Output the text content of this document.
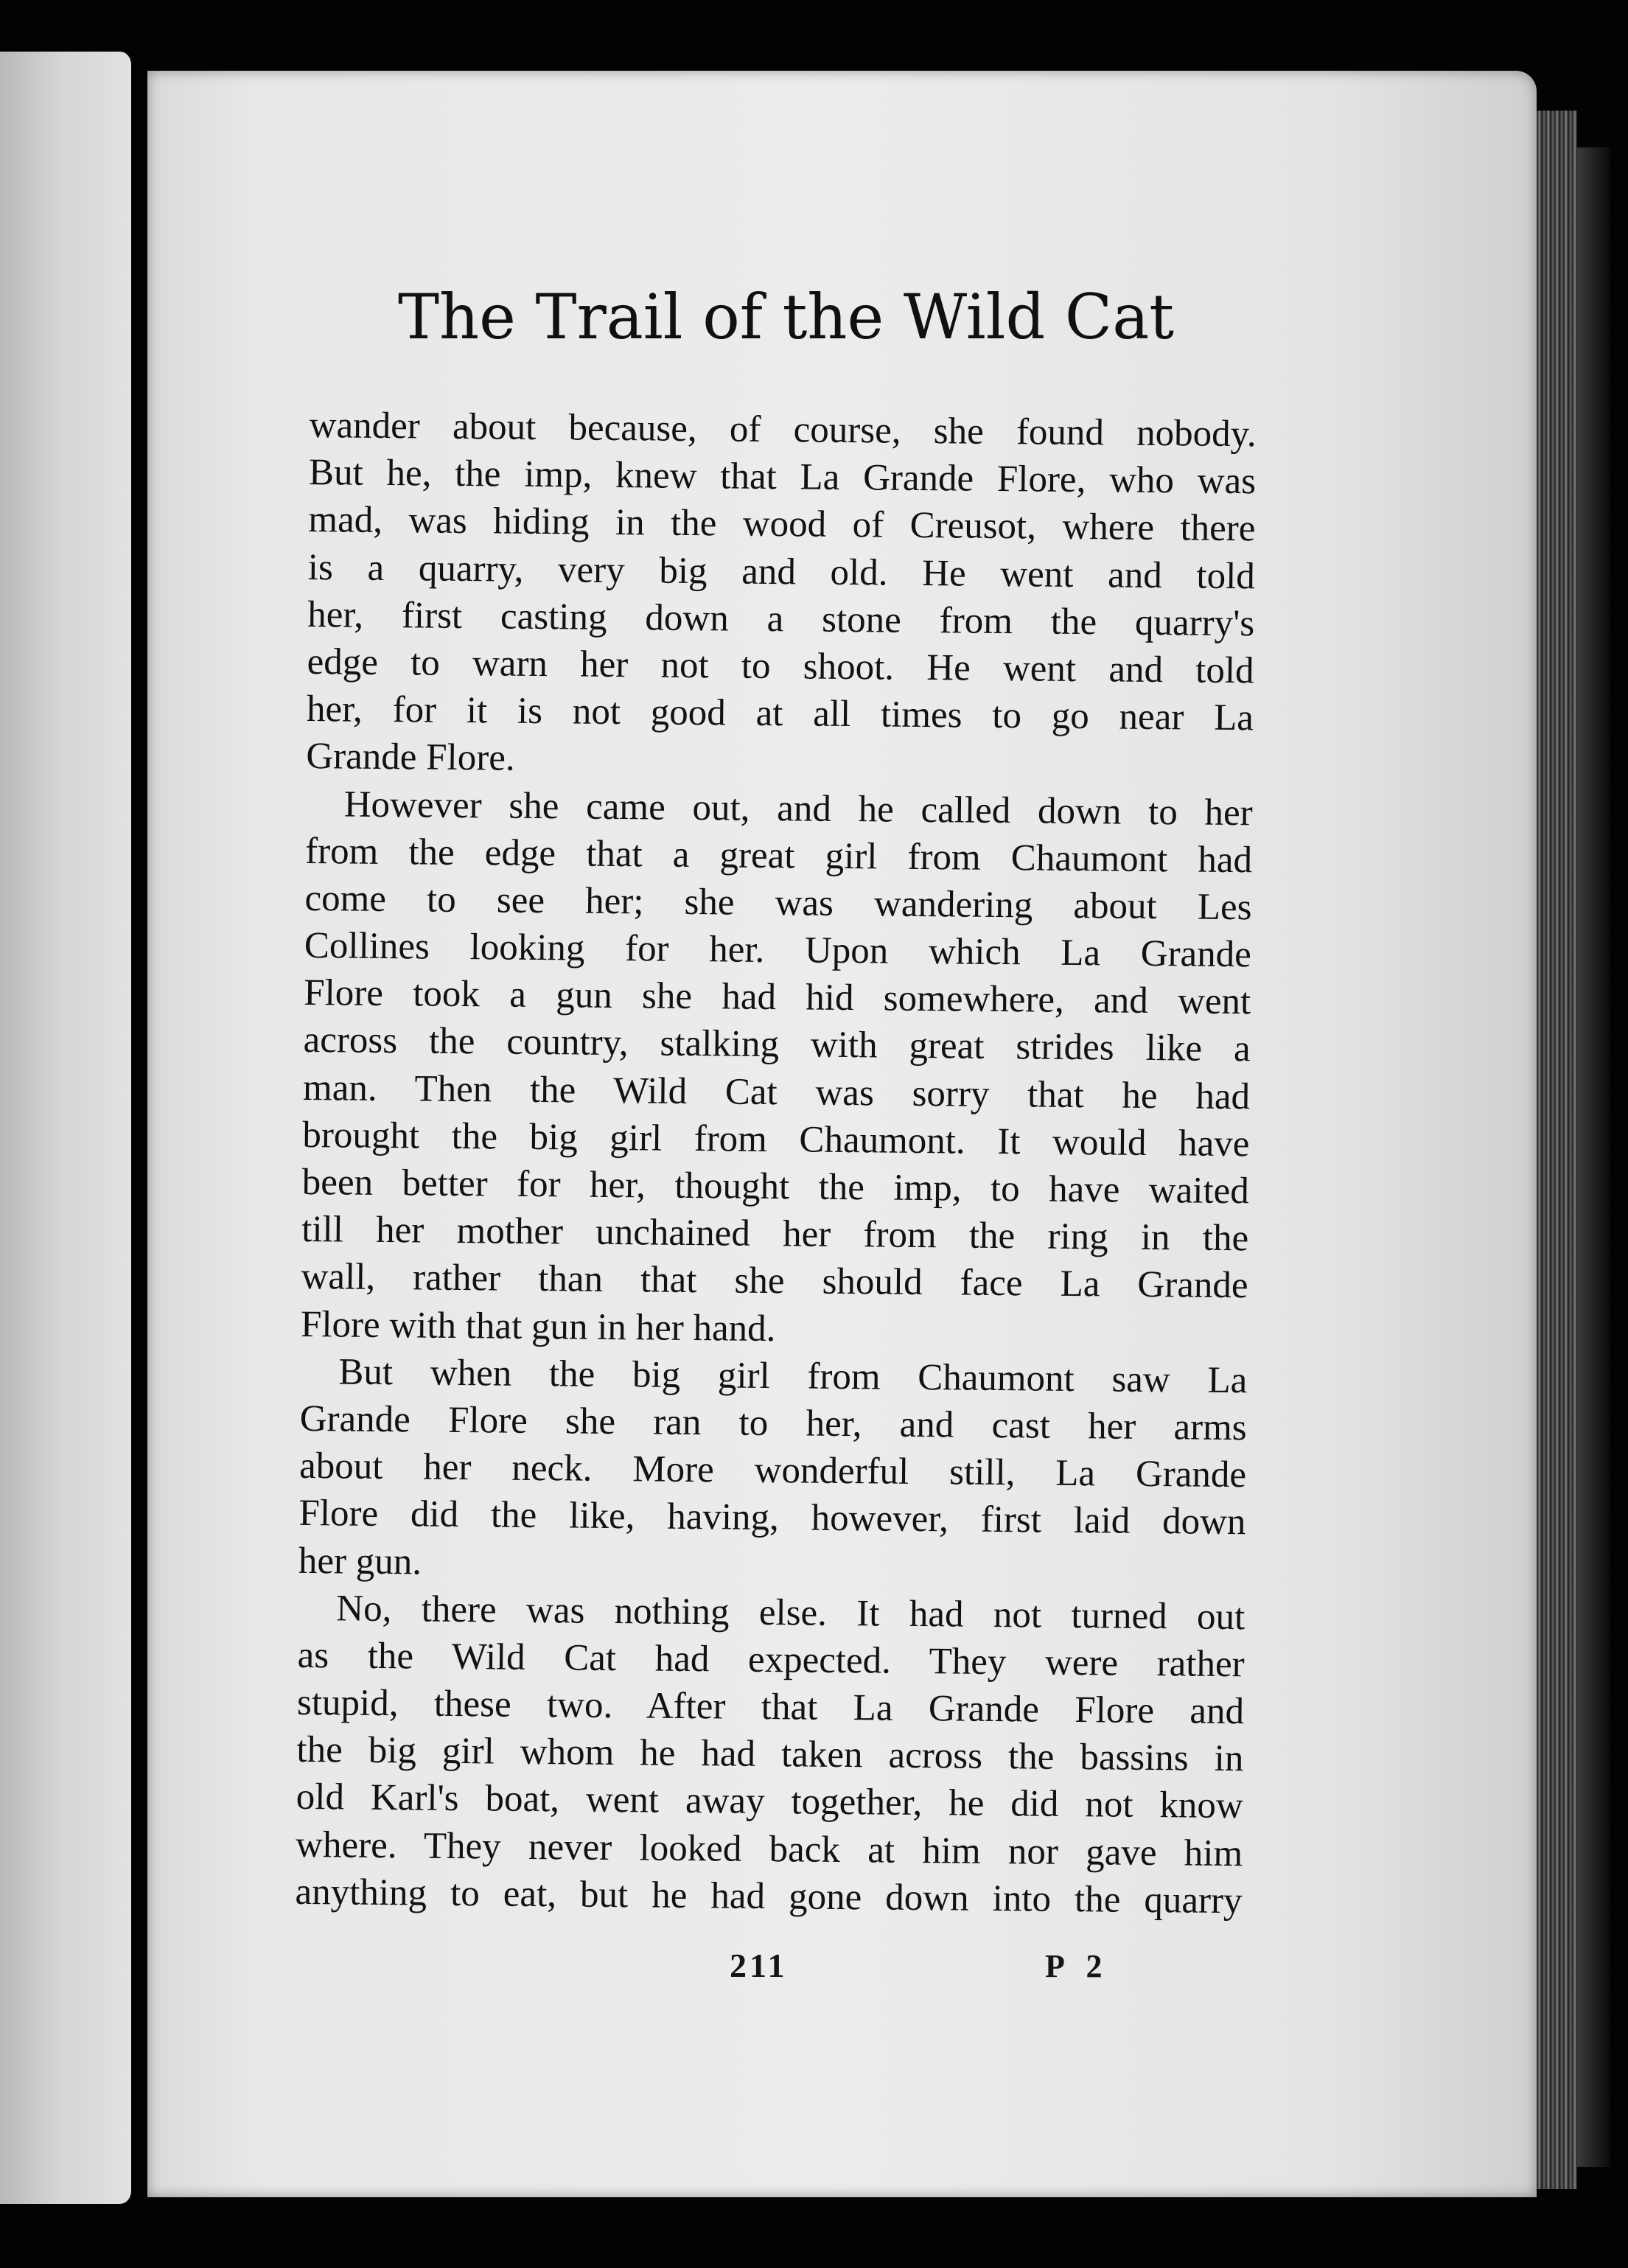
The Trail of the Wild Cat

wander about because, of course, she found nobody.
But he, the imp, knew that La Grande Flore, who was
mad, was hiding in the wood of Creusot, where there
is a quarry, very big and old. He went and told
her, first casting down a stone from the quarry's
edge to warn her not to shoot. He went and told
her, for it is not good at all times to go near La
Grande Flore.

However she came out, and he called down to her
from the edge that a great girl from Chaumont had
come to see her; she was wandering about Les
Collines looking for her. Upon which La Grande
Flore took a gun she had hid somewhere, and went
across the country, stalking with great strides like a
man. Then the Wild Cat was sorry that he had
brought the big girl from Chaumont. It would have
been better for her, thought the imp, to have waited
till her mother unchained her from the ring in the
wall, rather than that she should face La Grande
Flore with that gun in her hand.

But when the big girl from Chaumont saw La
Grande Flore she ran to her, and cast her arms
about her neck. More wonderful still, La Grande
Flore did the like, having, however, first laid down
her gun.

No, there was nothing else. It had not turned out
as the Wild Cat had expected. They were rather
stupid, these two. After that La Grande Flore and
the big girl whom he had taken across the bassins in
old Karl's boat, went away together, he did not know
where. They never looked back at him nor gave him
anything to eat, but he had gone down into the quarry

211	P 2
